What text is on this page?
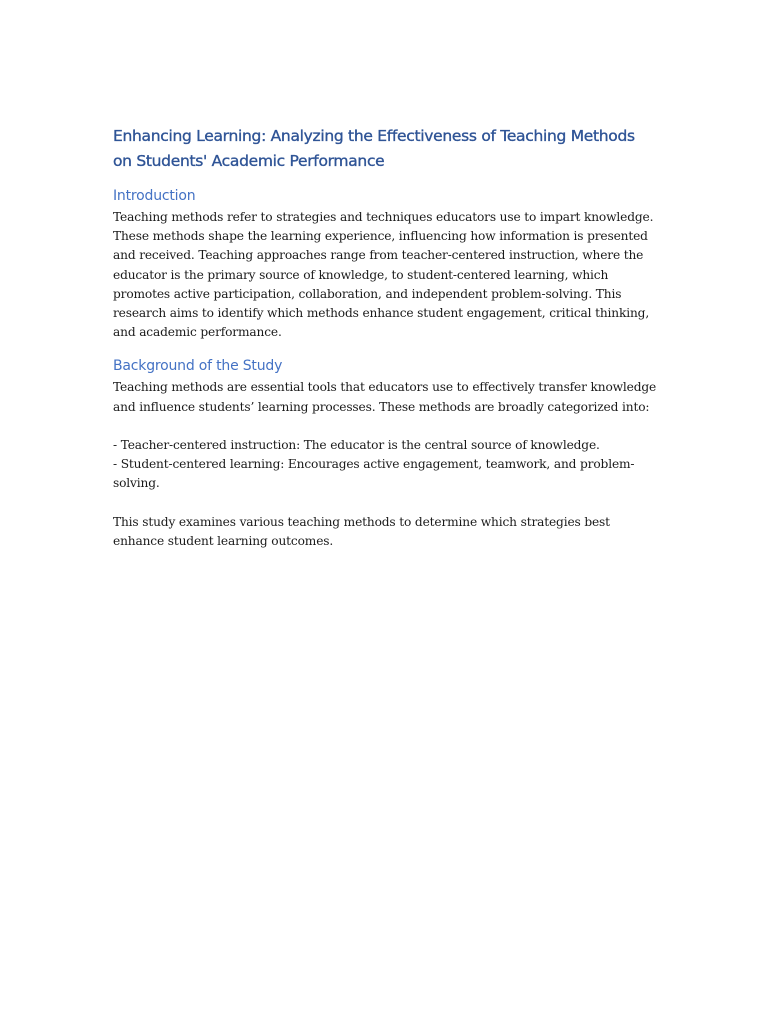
Enhancing Learning: Analyzing the Effectiveness of Teaching Methods on Students' Academic Performance
Introduction

Teaching methods refer to strategies and techniques educators use to impart knowledge. These methods shape the learning experience, influencing how information is presented and received. Teaching approaches range from teacher-centered instruction, where the educator is the primary source of knowledge, to student-centered learning, which promotes active participation, collaboration, and independent problem-solving. This research aims to identify which methods enhance student engagement, critical thinking, and academic performance.

Background of the Study

Teaching methods are essential tools that educators use to effectively transfer knowledge and influence students’ learning processes. These methods are broadly categorized into:

- Teacher-centered instruction: The educator is the central source of knowledge.

- Student-centered learning: Encourages active engagement, teamwork, and problem-solving.

This study examines various teaching methods to determine which strategies best enhance student learning outcomes.
